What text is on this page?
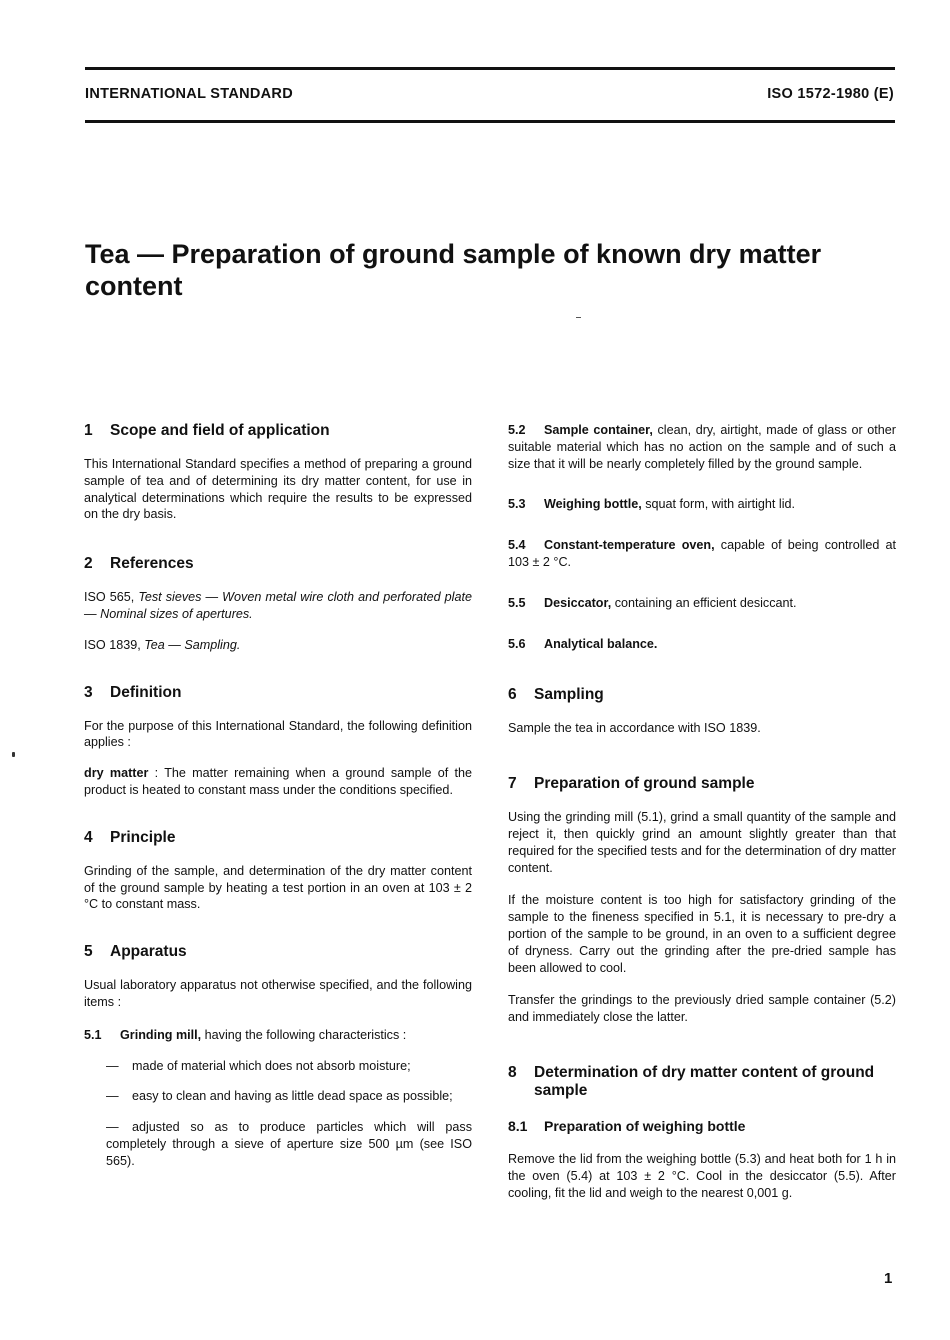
INTERNATIONAL STANDARD	ISO 1572-1980 (E)
Tea — Preparation of ground sample of known dry matter content
1 Scope and field of application

This International Standard specifies a method of preparing a ground sample of tea and of determining its dry matter content, for use in analytical determinations which require the results to be expressed on the dry basis.

2 References

ISO 565, Test sieves — Woven metal wire cloth and perforated plate — Nominal sizes of apertures.

ISO 1839, Tea — Sampling.

3 Definition

For the purpose of this International Standard, the following definition applies :

dry matter : The matter remaining when a ground sample of the product is heated to constant mass under the conditions specified.

4 Principle

Grinding of the sample, and determination of the dry matter content of the ground sample by heating a test portion in an oven at 103 ± 2 °C to constant mass.

5 Apparatus

Usual laboratory apparatus not otherwise specified, and the following items :

5.1 Grinding mill, having the following characteristics :

— made of material which does not absorb moisture;

— easy to clean and having as little dead space as possible;

— adjusted so as to produce particles which will pass completely through a sieve of aperture size 500 µm (see ISO 565).

5.2 Sample container, clean, dry, airtight, made of glass or other suitable material which has no action on the sample and of such a size that it will be nearly completely filled by the ground sample.

5.3 Weighing bottle, squat form, with airtight lid.

5.4 Constant-temperature oven, capable of being controlled at 103 ± 2 °C.

5.5 Desiccator, containing an efficient desiccant.

5.6 Analytical balance.

6 Sampling

Sample the tea in accordance with ISO 1839.

7 Preparation of ground sample

Using the grinding mill (5.1), grind a small quantity of the sample and reject it, then quickly grind an amount slightly greater than that required for the specified tests and for the determination of dry matter content.

If the moisture content is too high for satisfactory grinding of the sample to the fineness specified in 5.1, it is necessary to pre-dry a portion of the sample to be ground, in an oven to a sufficient degree of dryness. Carry out the grinding after the pre-dried sample has been allowed to cool.

Transfer the grindings to the previously dried sample container (5.2) and immediately close the latter.

8 Determination of dry matter content of ground sample

8.1 Preparation of weighing bottle

Remove the lid from the weighing bottle (5.3) and heat both for 1 h in the oven (5.4) at 103 ± 2 °C. Cool in the desiccator (5.5). After cooling, fit the lid and weigh to the nearest 0,001 g.

1
